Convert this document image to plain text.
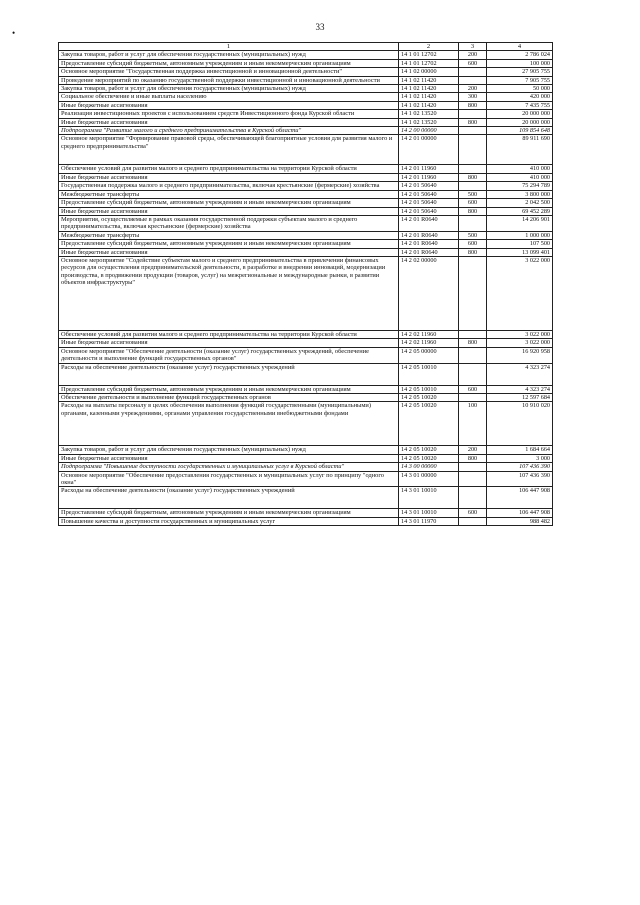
•
33
1	2	3	4
Закупка товаров, работ и услуг для обеспечения государственных (муниципальных) нужд	14 1 01 12702	200	2 786 024
Предоставление субсидий бюджетным, автономным учреждениям и иным некоммерческим организациям	14 1 01 12702	600	100 000
Основное мероприятие "Государственная поддержка инвестиционной и инновационной деятельности"	14 1 02 00000		27 905 755
Проведение мероприятий по оказанию государственной поддержки инвестиционной и инновационной деятельности	14 1 02 11420		7 905 755
Закупка товаров, работ и услуг для обеспечения государственных (муниципальных) нужд	14 1 02 11420	200	50 000
Социальное обеспечение и иные выплаты населению	14 1 02 11420	300	420 000
Иные бюджетные ассигнования	14 1 02 11420	800	7 435 755
Реализация инвестиционных проектов с использованием средств Инвестиционного фонда Курской области	14 1 02 13520		20 000 000
Иные бюджетные ассигнования	14 1 02 13520	800	20 000 000
Подпрограмма "Развитие малого и среднего предпринимательства в Курской области"	14 2 00 00000		109 854 648
Основное мероприятие "Формирование правовой среды, обеспечивающей благоприятные условия для развития малого и среднего предпринимательства"	14 2 01 00000		89 911 690
Обеспечение условий для развития малого и среднего предпринимательства на территории Курской области	14 2 01 11960		410 000
Иные бюджетные ассигнования	14 2 01 11960	800	410 000
Государственная поддержка малого и среднего предпринимательства, включая крестьянские (фермерские) хозяйства	14 2 01 50640		75 294 789
Межбюджетные трансферты	14 2 01 50640	500	3 800 000
Предоставление субсидий бюджетным, автономным учреждениям и иным некоммерческим организациям	14 2 01 50640	600	2 042 500
Иные бюджетные ассигнования	14 2 01 50640	800	69 452 289
Мероприятия, осуществляемые в рамках оказания государственной поддержки субъектам малого и среднего предпринимательства, включая крестьянские (фермерские) хозяйства	14 2 01 R0640		14 206 901
Межбюджетные трансферты	14 2 01 R0640	500	1 000 000
Предоставление субсидий бюджетным, автономным учреждениям и иным некоммерческим организациям	14 2 01 R0640	600	107 500
Иные бюджетные ассигнования	14 2 01 R0640	800	13 099 401
Основное мероприятие "Содействие субъектам малого и среднего предпринимательства в привлечении финансовых ресурсов для осуществления предпринимательской деятельности, в разработке и внедрении инноваций, модернизации производства, в продвижении продукции (товаров, услуг) на межрегиональные и международные рынки, в развитии объектов инфраструктуры"	14 2 02 00000		3 022 000
Обеспечение условий для развития малого и среднего предпринимательства на территории Курской области	14 2 02 11960		3 022 000
Иные бюджетные ассигнования	14 2 02 11960	800	3 022 000
Основное мероприятие "Обеспечение деятельности (оказание услуг) государственных учреждений, обеспечение деятельности и выполнение функций государственных органов"	14 2 05 00000		16 920 958
Расходы на обеспечение деятельности (оказание услуг) государственных учреждений	14 2 05 10010		4 323 274
Предоставление субсидий бюджетным, автономным учреждениям и иным некоммерческим организациям	14 2 05 10010	600	4 323 274
Обеспечение деятельности и выполнение функций государственных органов	14 2 05 10020		12 597 684
Расходы на выплаты персоналу в целях обеспечения выполнения функций государственными (муниципальными) органами, казенными учреждениями, органами управления государственными внебюджетными фондами	14 2 05 10020	100	10 910 020
Закупка товаров, работ и услуг для обеспечения государственных (муниципальных) нужд	14 2 05 10020	200	1 684 664
Иные бюджетные ассигнования	14 2 05 10020	800	3 000
Подпрограмма "Повышение доступности государственных и муниципальных услуг в Курской области"	14 3 00 00000		107 436 390
Основное мероприятие "Обеспечение предоставления государственных и муниципальных услуг по принципу "одного окна"	14 3 01 00000		107 436 390
Расходы на обеспечение деятельности (оказание услуг) государственных учреждений	14 3 01 10010		106 447 908
Предоставление субсидий бюджетным, автономным учреждениям и иным некоммерческим организациям	14 3 01 10010	600	106 447 908
Повышение качества и доступности государственных и муниципальных услуг	14 3 01 11970		988 482
